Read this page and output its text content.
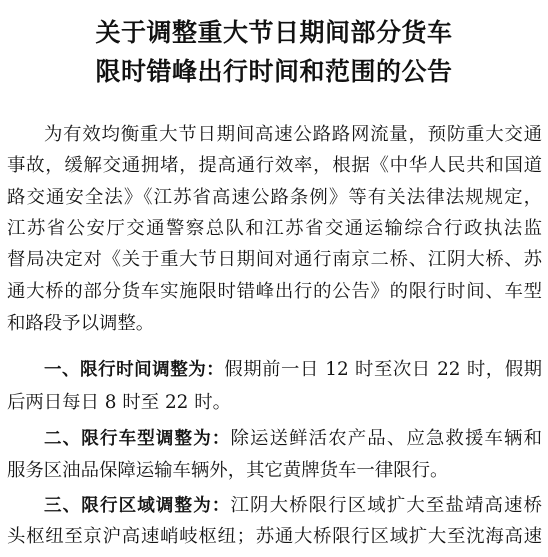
关于调整重大节日期间部分货车
限时错峰出行时间和范围的公告
为有效均衡重大节日期间高速公路路网流量，预防重大交通
事故，缓解交通拥堵，提高通行效率，根据《中华人民共和国道
路交通安全法》《江苏省高速公路条例》等有关法律法规规定，
江苏省公安厅交通警察总队和江苏省交通运输综合行政执法监
督局决定对《关于重大节日期间对通行南京二桥、江阴大桥、苏
通大桥的部分货车实施限时错峰出行的公告》的限行时间、车型
和路段予以调整。
一、限行时间调整为：假期前一日 12 时至次日 22 时，假期
后两日每日 8 时至 22 时。
二、限行车型调整为：除运送鲜活农产品、应急救援车辆和
服务区油品保障运输车辆外，其它黄牌货车一律限行。
三、限行区域调整为：江阴大桥限行区域扩大至盐靖高速桥
头枢纽至京沪高速峭岐枢纽；苏通大桥限行区域扩大至沈海高速
